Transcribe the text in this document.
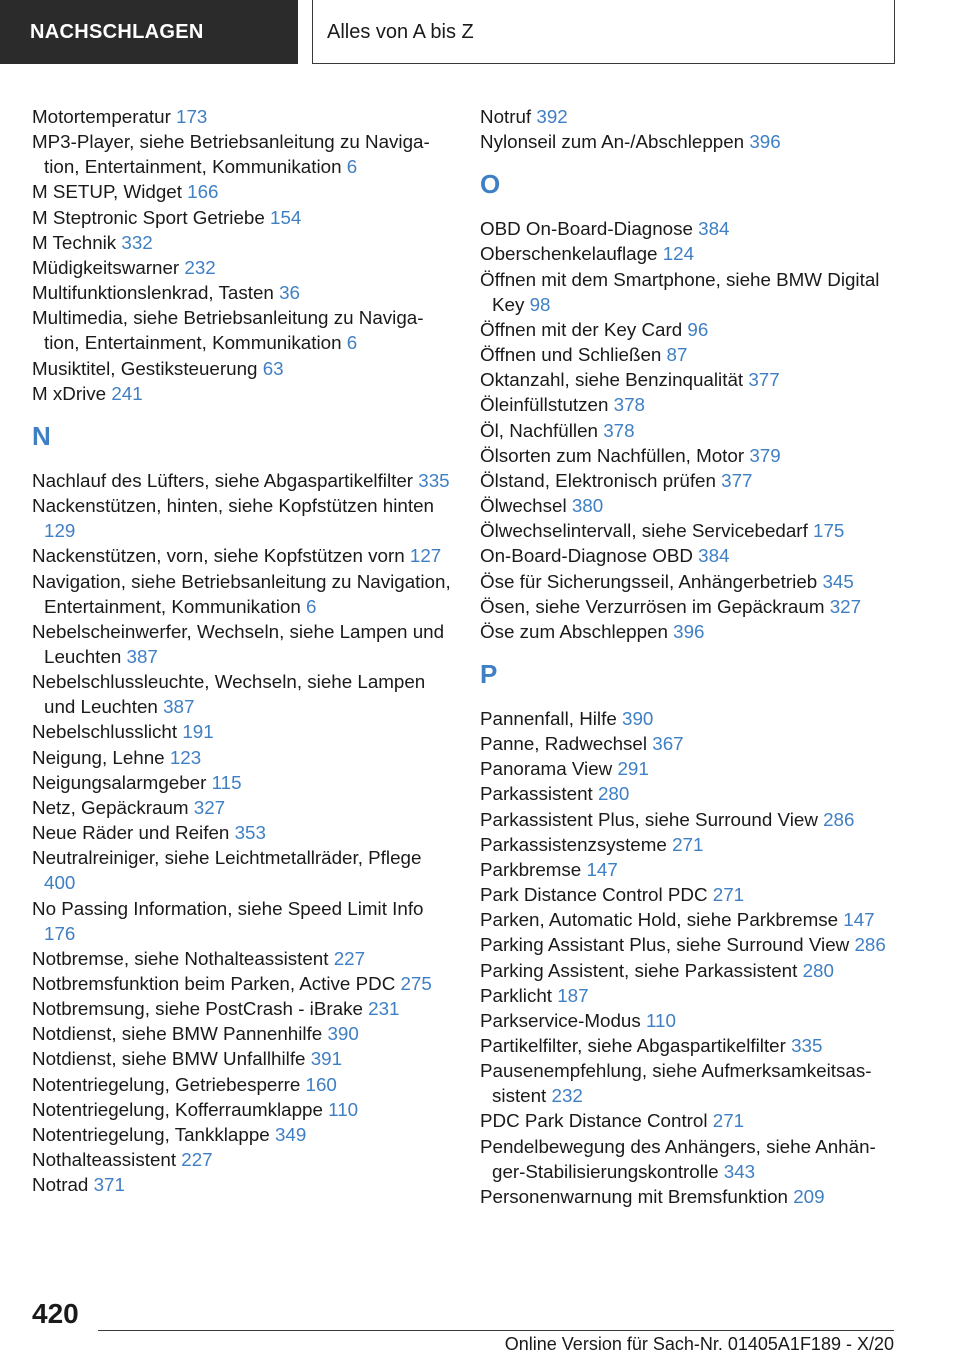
NACHSCHLAGEN	Alles von A bis Z
Motortemperatur 173
MP3-Player, siehe Betriebsanleitung zu Navigation, Entertainment, Kommunikation 6
M SETUP, Widget 166
M Steptronic Sport Getriebe 154
M Technik 332
Müdigkeitswarner 232
Multifunktionslenkrad, Tasten 36
Multimedia, siehe Betriebsanleitung zu Navigation, Entertainment, Kommunikation 6
Musiktitel, Gestiksteuerung 63
M xDrive 241
N
Nachlauf des Lüfters, siehe Abgaspartikelfilter 335
Nackenstützen, hinten, siehe Kopfstützen hinten 129
Nackenstützen, vorn, siehe Kopfstützen vorn 127
Navigation, siehe Betriebsanleitung zu Navigation, Entertainment, Kommunikation 6
Nebelscheinwerfer, Wechseln, siehe Lampen und Leuchten 387
Nebelschlussleuchte, Wechseln, siehe Lampen und Leuchten 387
Nebelschlusslicht 191
Neigung, Lehne 123
Neigungsalarmgeber 115
Netz, Gepäckraum 327
Neue Räder und Reifen 353
Neutralreiniger, siehe Leichtmetallräder, Pflege 400
No Passing Information, siehe Speed Limit Info 176
Notbremse, siehe Nothalteassistent 227
Notbremsfunktion beim Parken, Active PDC 275
Notbremsung, siehe PostCrash - iBrake 231
Notdienst, siehe BMW Pannenhilfe 390
Notdienst, siehe BMW Unfallhilfe 391
Notentriegelung, Getriebesperre 160
Notentriegelung, Kofferraumklappe 110
Notentriegelung, Tankklappe 349
Nothalteassistent 227
Notrad 371
Notruf 392
Nylonseil zum An-/Abschleppen 396
O
OBD On-Board-Diagnose 384
Oberschenkelauflage 124
Öffnen mit dem Smartphone, siehe BMW Digital Key 98
Öffnen mit der Key Card 96
Öffnen und Schließen 87
Oktanzahl, siehe Benzinqualität 377
Öleinfüllstutzen 378
Öl, Nachfüllen 378
Ölsorten zum Nachfüllen, Motor 379
Ölstand, Elektronisch prüfen 377
Ölwechsel 380
Ölwechselintervall, siehe Servicebedarf 175
On-Board-Diagnose OBD 384
Öse für Sicherungsseil, Anhängerbetrieb 345
Ösen, siehe Verzurrösen im Gepäckraum 327
Öse zum Abschleppen 396
P
Pannenfall, Hilfe 390
Panne, Radwechsel 367
Panorama View 291
Parkassistent 280
Parkassistent Plus, siehe Surround View 286
Parkassistenzsysteme 271
Parkbremse 147
Park Distance Control PDC 271
Parken, Automatic Hold, siehe Parkbremse 147
Parking Assistant Plus, siehe Surround View 286
Parking Assistent, siehe Parkassistent 280
Parklicht 187
Parkservice-Modus 110
Partikelfilter, siehe Abgaspartikelfilter 335
Pausenempfehlung, siehe Aufmerksamkeitsassistent 232
PDC Park Distance Control 271
Pendelbewegung des Anhängers, siehe Anhänger-Stabilisierungskontrolle 343
Personenwarnung mit Bremsfunktion 209
420
Online Version für Sach-Nr. 01405A1F189 - X/20
